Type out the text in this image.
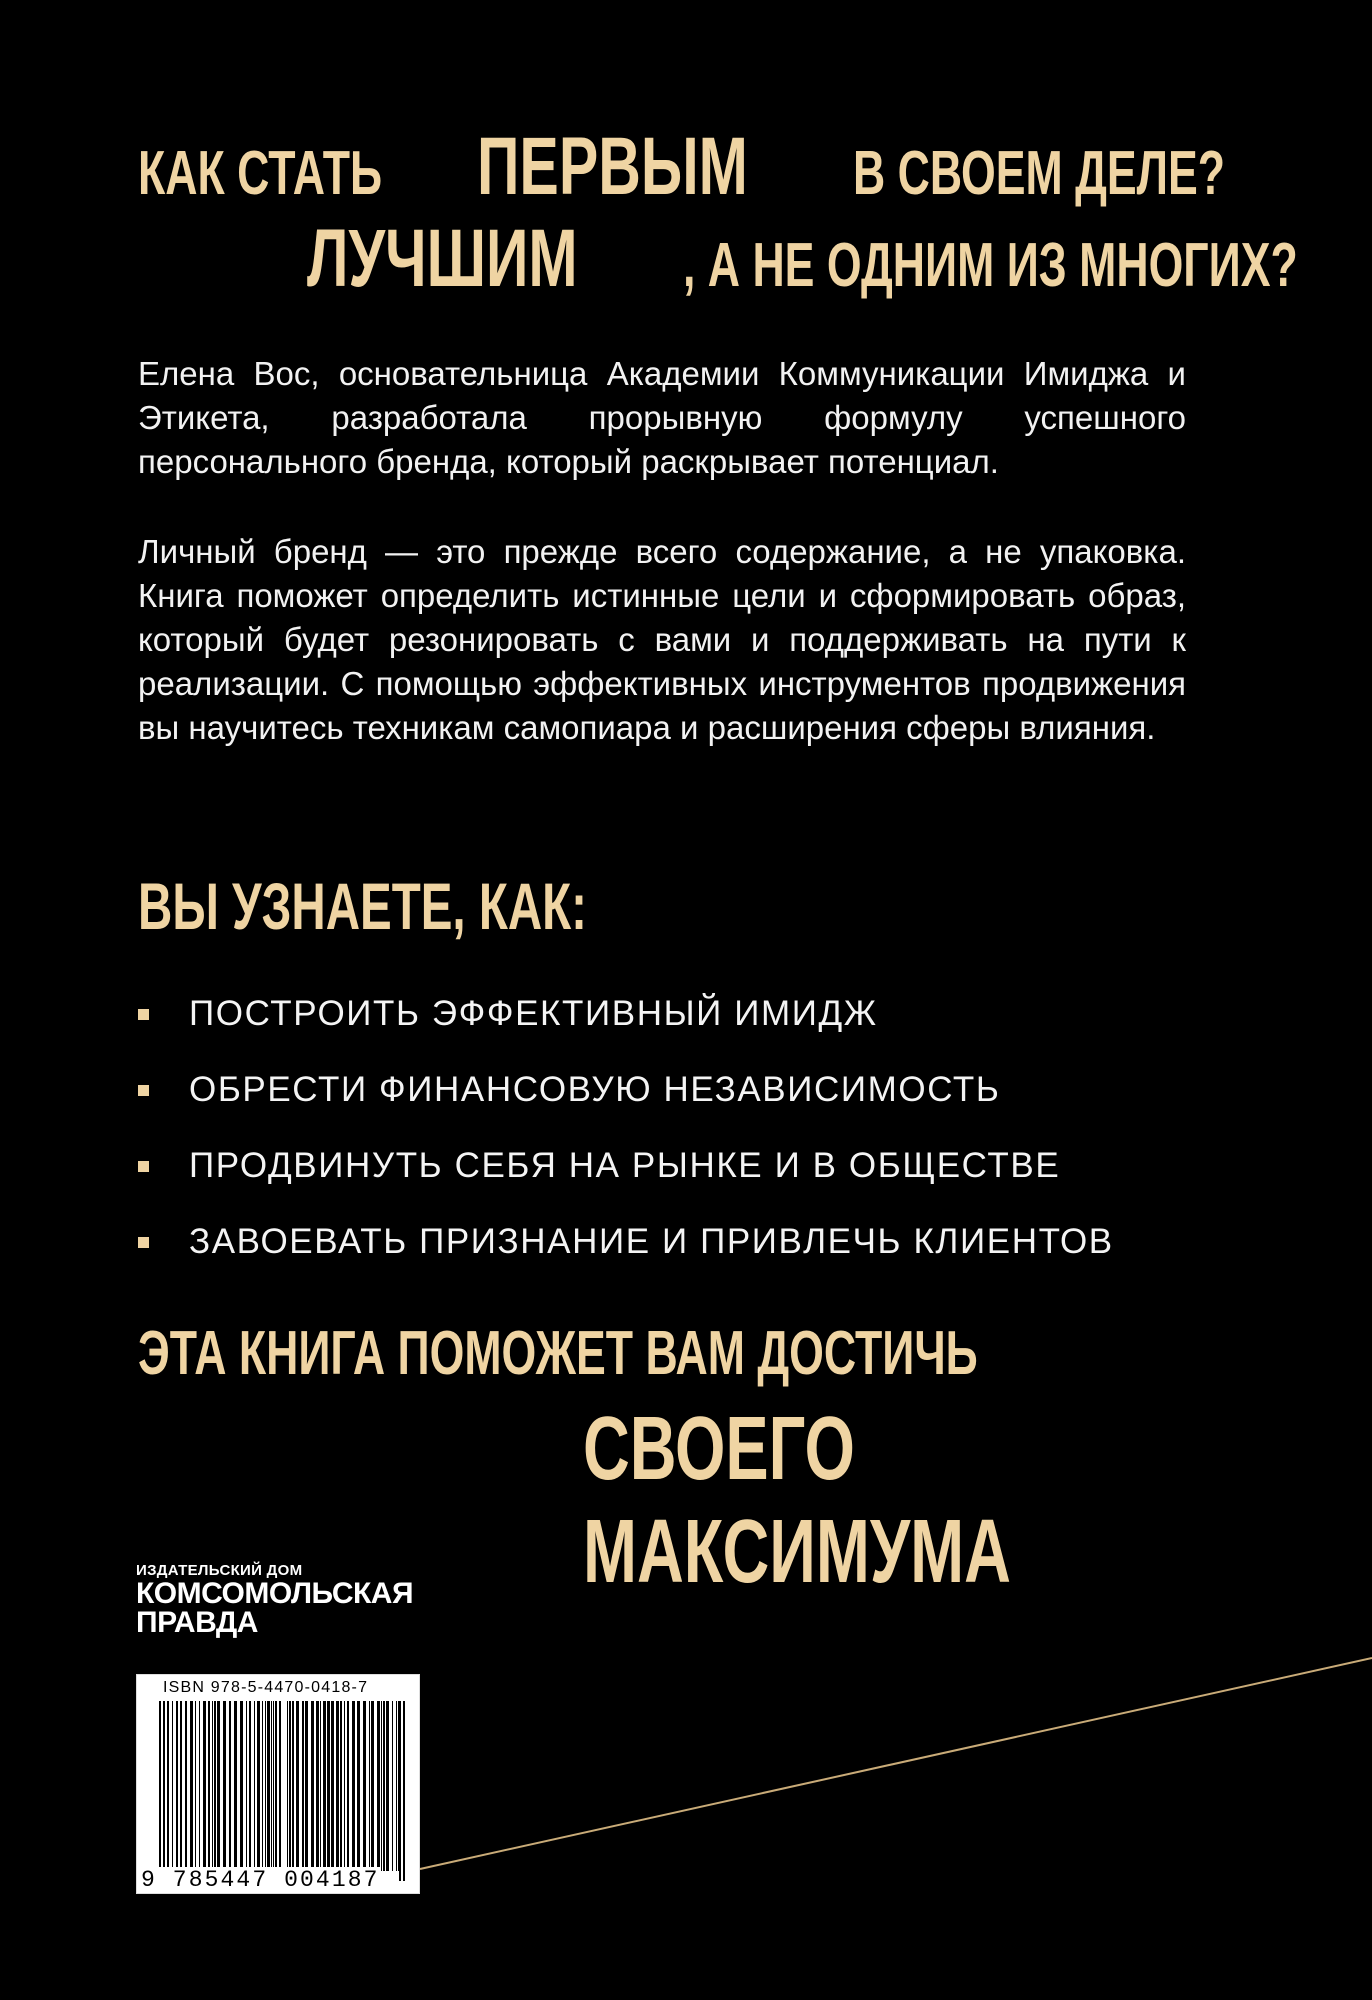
КАК СТАТЬПЕРВЫМВ СВОЕМ ДЕЛЕ?
ЛУЧШИМ , А НЕ ОДНИМ ИЗ МНОГИХ?

Елена Вос, основательница Академии Коммуникации Имиджа и Этикета, разработала прорывную формулу успешного персонального бренда, который раскрывает потенциал.

Личный бренд — это прежде всего содержание, а не упаковка. Книга поможет определить истинные цели и сформировать образ, который будет резонировать с вами и поддерживать на пути к реализации. С помощью эффективных инструментов продвижения вы научитесь техникам самопиара и расширения сферы влияния.

ВЫ УЗНАЕТЕ, КАК:
ПОСТРОИТЬ ЭФФЕКТИВНЫЙ ИМИДЖ
ОБРЕСТИ ФИНАНСОВУЮ НЕЗАВИСИМОСТЬ
ПРОДВИНУТЬ СЕБЯ НА РЫНКЕ И В ОБЩЕСТВЕ
ЗАВОЕВАТЬ ПРИЗНАНИЕ И ПРИВЛЕЧЬ КЛИЕНТОВ
ЭТА КНИГА ПОМОЖЕТ ВАМ ДОСТИЧЬ
СВОЕГО МАКСИМУМА
ИЗДАТЕЛЬСКИЙ ДОМ
КОМСОМОЛЬСКАЯ
ПРАВДА
ISBN 978-5-4470-0418-7
9 785447 004187
